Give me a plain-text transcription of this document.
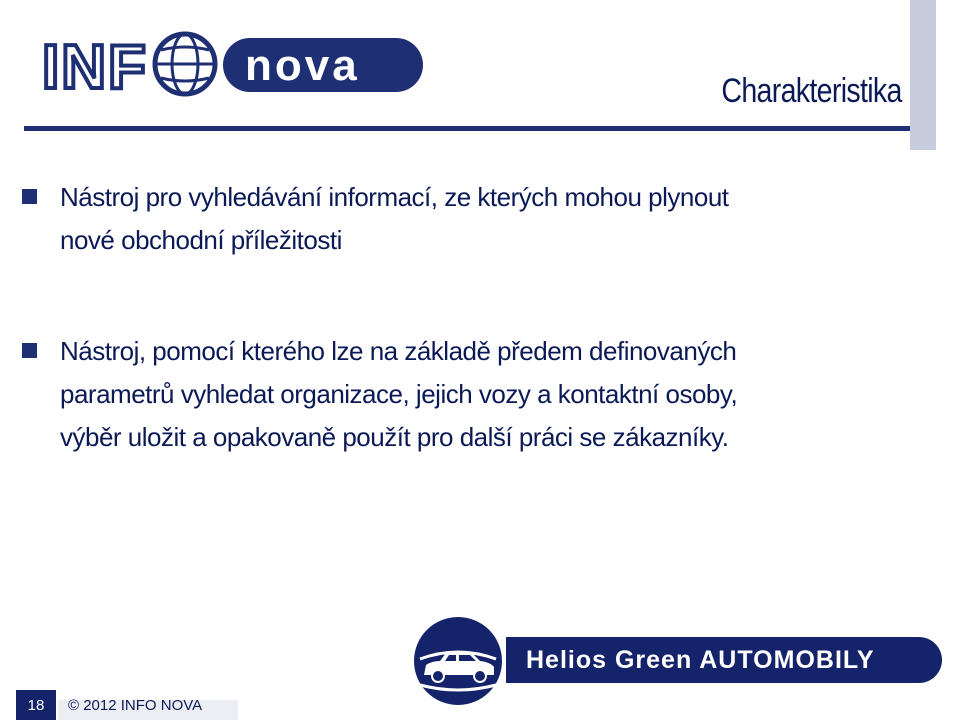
INF nova
Charakteristika
Nástroj pro vyhledávání informací, ze kterých mohou plynout
nové obchodní příležitosti
Nástroj, pomocí kterého lze na základě předem definovaných
parametrů vyhledat organizace, jejich vozy a kontaktní osoby,
výběr uložit a opakovaně použít pro další práci se zákazníky.
Helios Green AUTOMOBILY
18	© 2012 INFO NOVA
